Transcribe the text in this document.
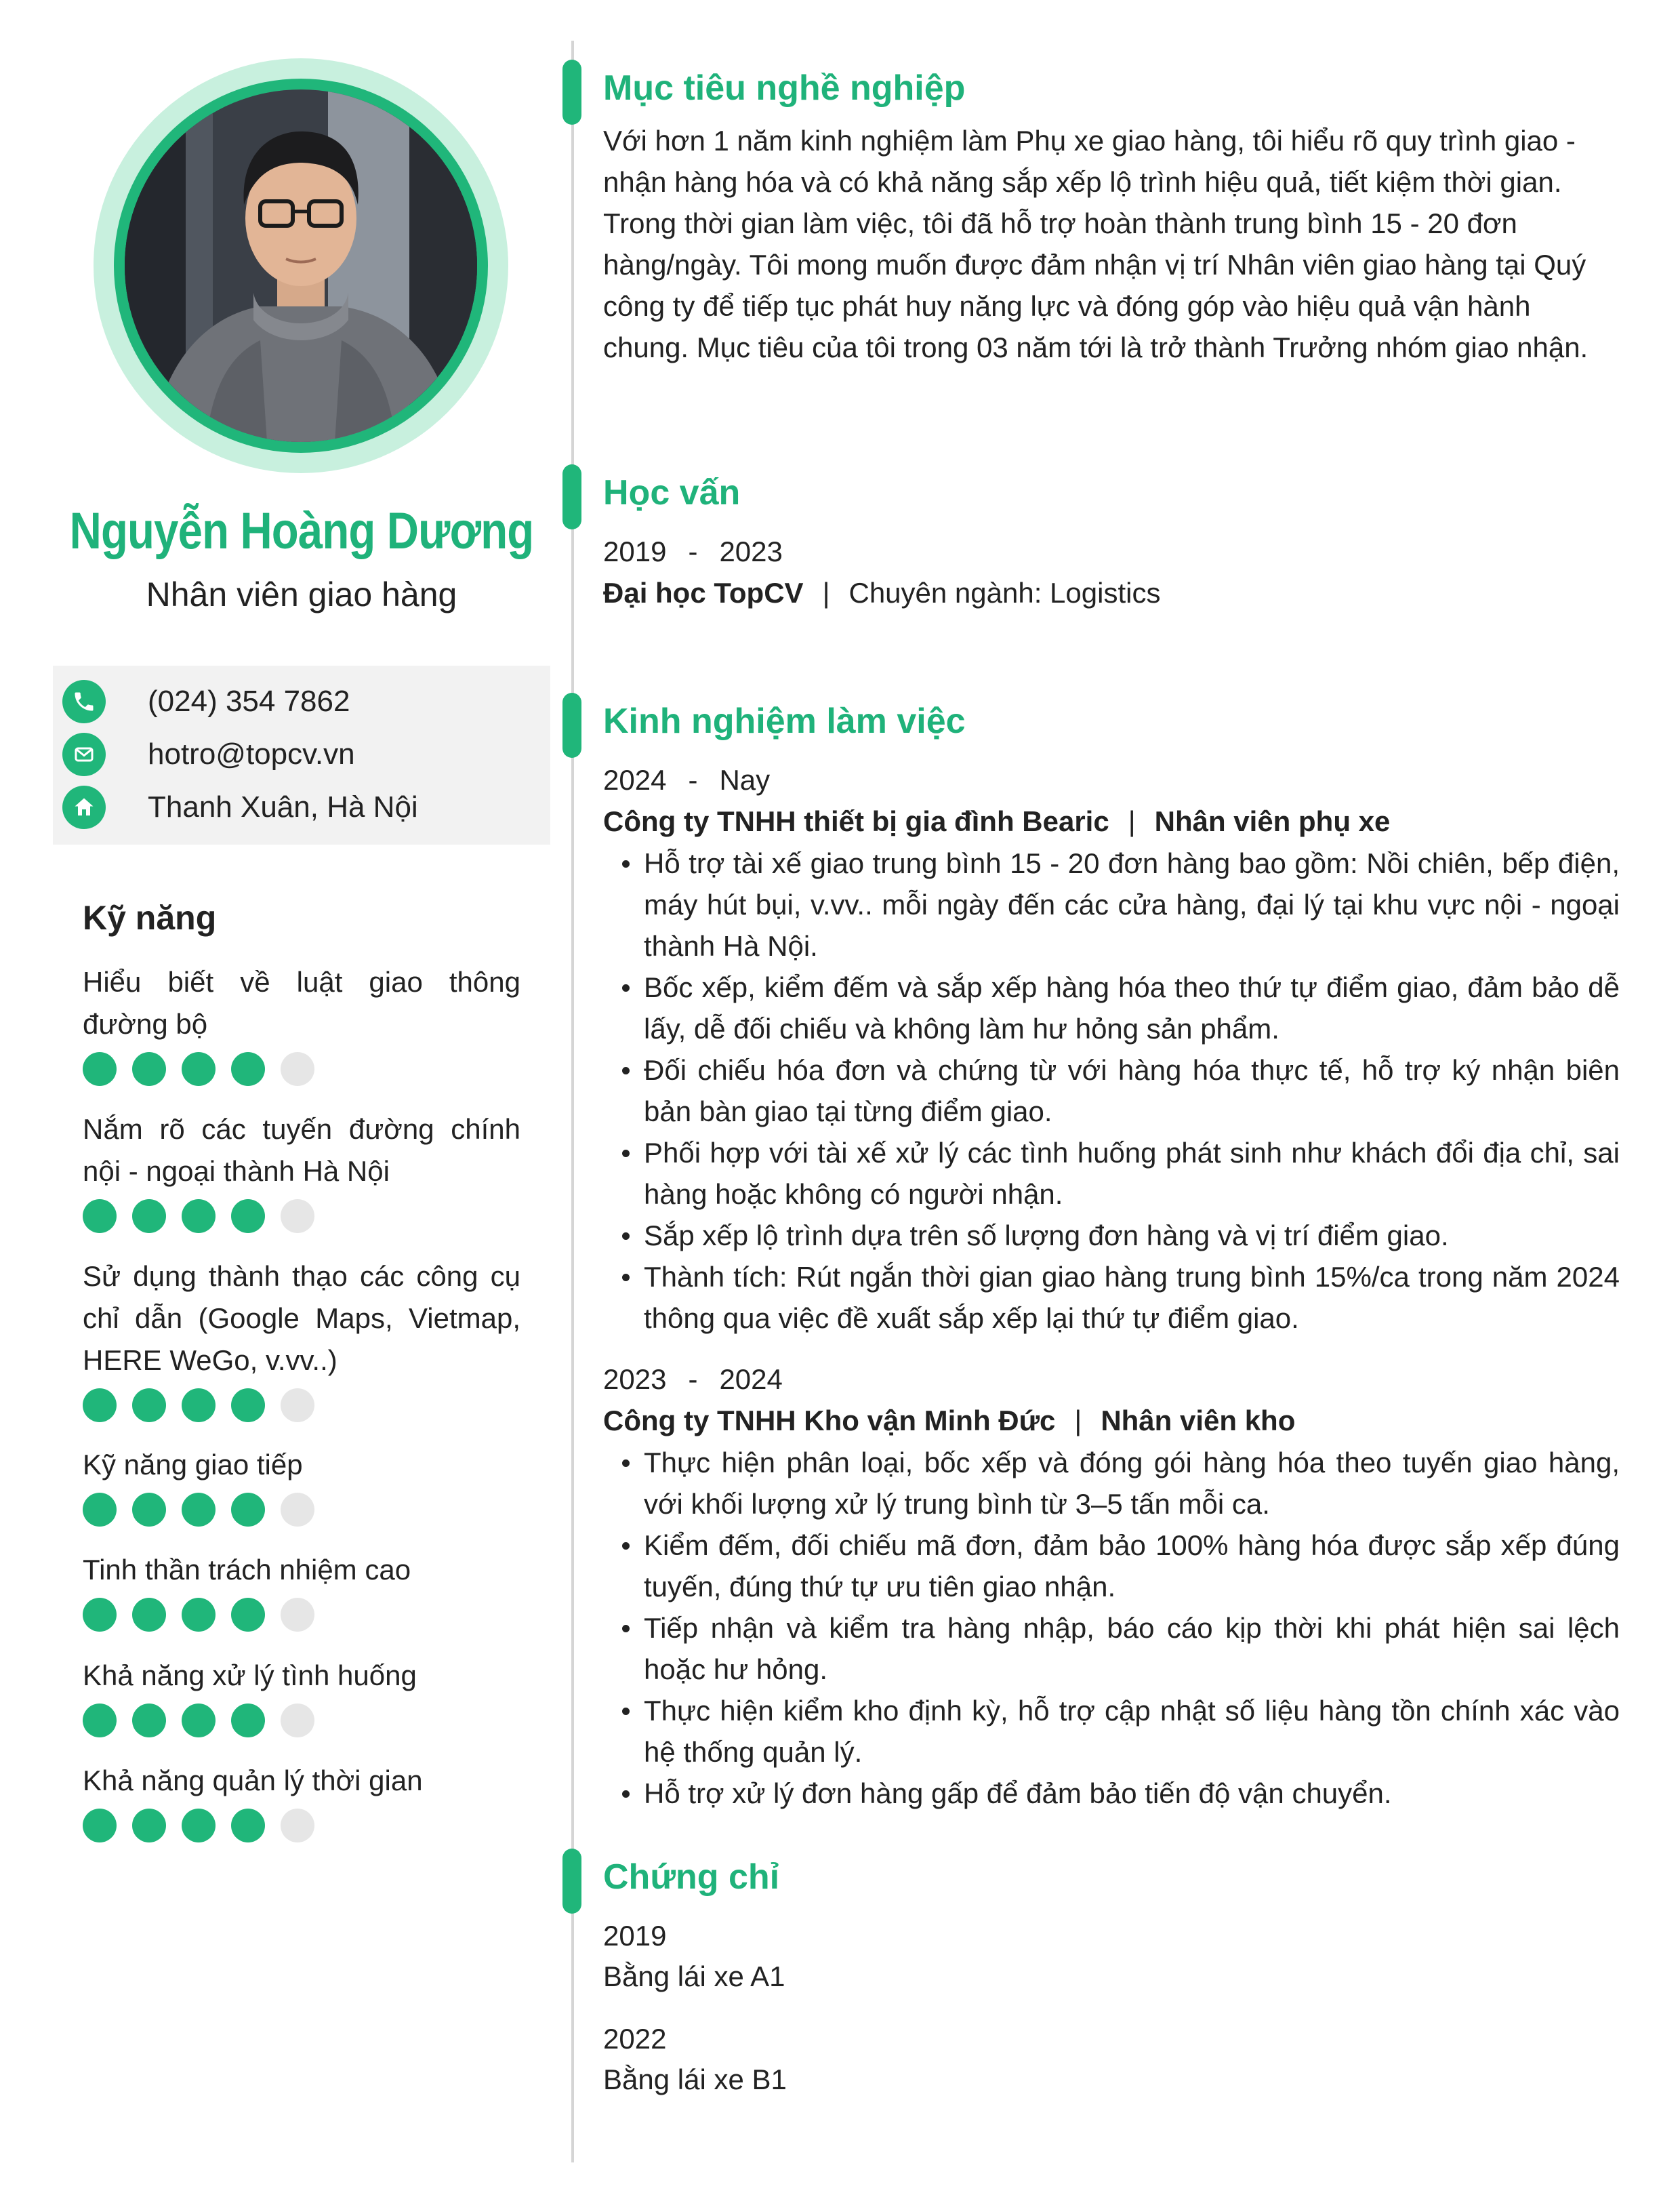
Nguyễn Hoàng Dương
Nhân viên giao hàng
(024) 354 7862
hotro@topcv.vn
Thanh Xuân, Hà Nội
Kỹ năng
Hiểu biết về luật giao thông đường bộ
Nắm rõ các tuyến đường chính nội - ngoại thành Hà Nội
Sử dụng thành thạo các công cụ chỉ dẫn (Google Maps, Vietmap, HERE WeGo, v.vv..)
Kỹ năng giao tiếp
Tinh thần trách nhiệm cao
Khả năng xử lý tình huống
Khả năng quản lý thời gian
Mục tiêu nghề nghiệp
Với hơn 1 năm kinh nghiệm làm Phụ xe giao hàng, tôi hiểu rõ quy trình giao - nhận hàng hóa và có khả năng sắp xếp lộ trình hiệu quả, tiết kiệm thời gian. Trong thời gian làm việc, tôi đã hỗ trợ hoàn thành trung bình 15 - 20 đơn hàng/ngày. Tôi mong muốn được đảm nhận vị trí Nhân viên giao hàng tại Quý công ty để tiếp tục phát huy năng lực và đóng góp vào hiệu quả vận hành chung. Mục tiêu của tôi trong 03 năm tới là trở thành Trưởng nhóm giao nhận.
Học vấn
2019 - 2023
Đại học TopCV | Chuyên ngành: Logistics
Kinh nghiệm làm việc
2024 - Nay
Công ty TNHH thiết bị gia đình Bearic | Nhân viên phụ xe
Hỗ trợ tài xế giao trung bình 15 - 20 đơn hàng bao gồm: Nồi chiên, bếp điện, máy hút bụi, v.vv.. mỗi ngày đến các cửa hàng, đại lý tại khu vực nội - ngoại thành Hà Nội.
Bốc xếp, kiểm đếm và sắp xếp hàng hóa theo thứ tự điểm giao, đảm bảo dễ lấy, dễ đối chiếu và không làm hư hỏng sản phẩm.
Đối chiếu hóa đơn và chứng từ với hàng hóa thực tế, hỗ trợ ký nhận biên bản bàn giao tại từng điểm giao.
Phối hợp với tài xế xử lý các tình huống phát sinh như khách đổi địa chỉ, sai hàng hoặc không có người nhận.
Sắp xếp lộ trình dựa trên số lượng đơn hàng và vị trí điểm giao.
Thành tích: Rút ngắn thời gian giao hàng trung bình 15%/ca trong năm 2024 thông qua việc đề xuất sắp xếp lại thứ tự điểm giao.
2023 - 2024
Công ty TNHH Kho vận Minh Đức | Nhân viên kho
Thực hiện phân loại, bốc xếp và đóng gói hàng hóa theo tuyến giao hàng, với khối lượng xử lý trung bình từ 3–5 tấn mỗi ca.
Kiểm đếm, đối chiếu mã đơn, đảm bảo 100% hàng hóa được sắp xếp đúng tuyến, đúng thứ tự ưu tiên giao nhận.
Tiếp nhận và kiểm tra hàng nhập, báo cáo kịp thời khi phát hiện sai lệch hoặc hư hỏng.
Thực hiện kiểm kho định kỳ, hỗ trợ cập nhật số liệu hàng tồn chính xác vào hệ thống quản lý.
Hỗ trợ xử lý đơn hàng gấp để đảm bảo tiến độ vận chuyển.
Chứng chỉ
2019
Bằng lái xe A1
2022
Bằng lái xe B1
